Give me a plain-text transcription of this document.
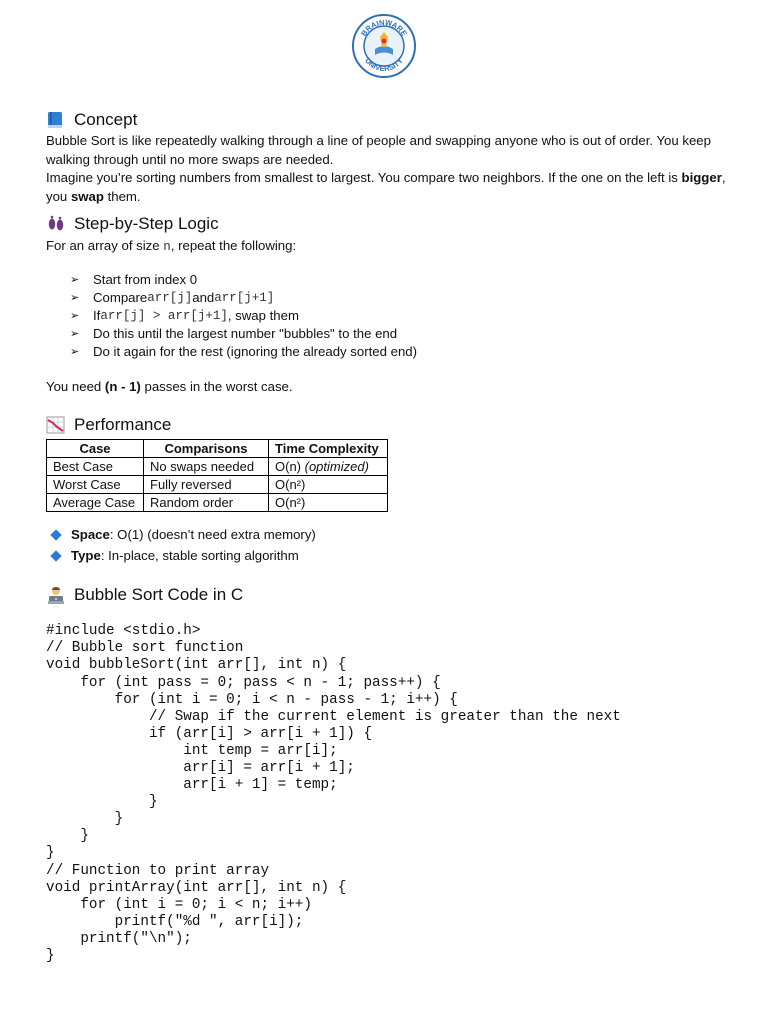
BRAINWARE
UNIVERSITY
Concept

Bubble Sort is like repeatedly walking through a line of people and swapping anyone who is out of order. You keep walking through until no more swaps are needed.

Imagine you’re sorting numbers from smallest to largest. You compare two neighbors. If the one on the left is bigger, you swap them.

Step-by-Step Logic

For an array of size n, repeat the following:

➢	Start from index 0
➢	Compare arr[j] and arr[j+1]
➢	If arr[j] > arr[j+1] , swap them
➢	Do this until the largest number "bubbles" to the end
➢	Do it again for the rest (ignoring the already sorted end)

You need (n - 1) passes in the worst case.

Performance
Case	Comparisons	Time Complexity
Best Case	No swaps needed	O(n) (optimized)
Worst Case	Fully reversed	O(n²)
Average Case	Random order	O(n²)
Space: O(1) (doesn’t need extra memory)
Type: In-place, stable sorting algorithm
Bubble Sort Code in C
#include <stdio.h>
// Bubble sort function
void bubbleSort(int arr[], int n) {
for (int pass = 0; pass < n - 1; pass++) {
for (int i = 0; i < n - pass - 1; i++) {
// Swap if the current element is greater than the next
if (arr[i] > arr[i + 1]) {
int temp = arr[i];
arr[i] = arr[i + 1];
arr[i + 1] = temp;
}
}
}
}
// Function to print array
void printArray(int arr[], int n) {
for (int i = 0; i < n; i++)
printf("%d ", arr[i]);
printf("\n");
}
